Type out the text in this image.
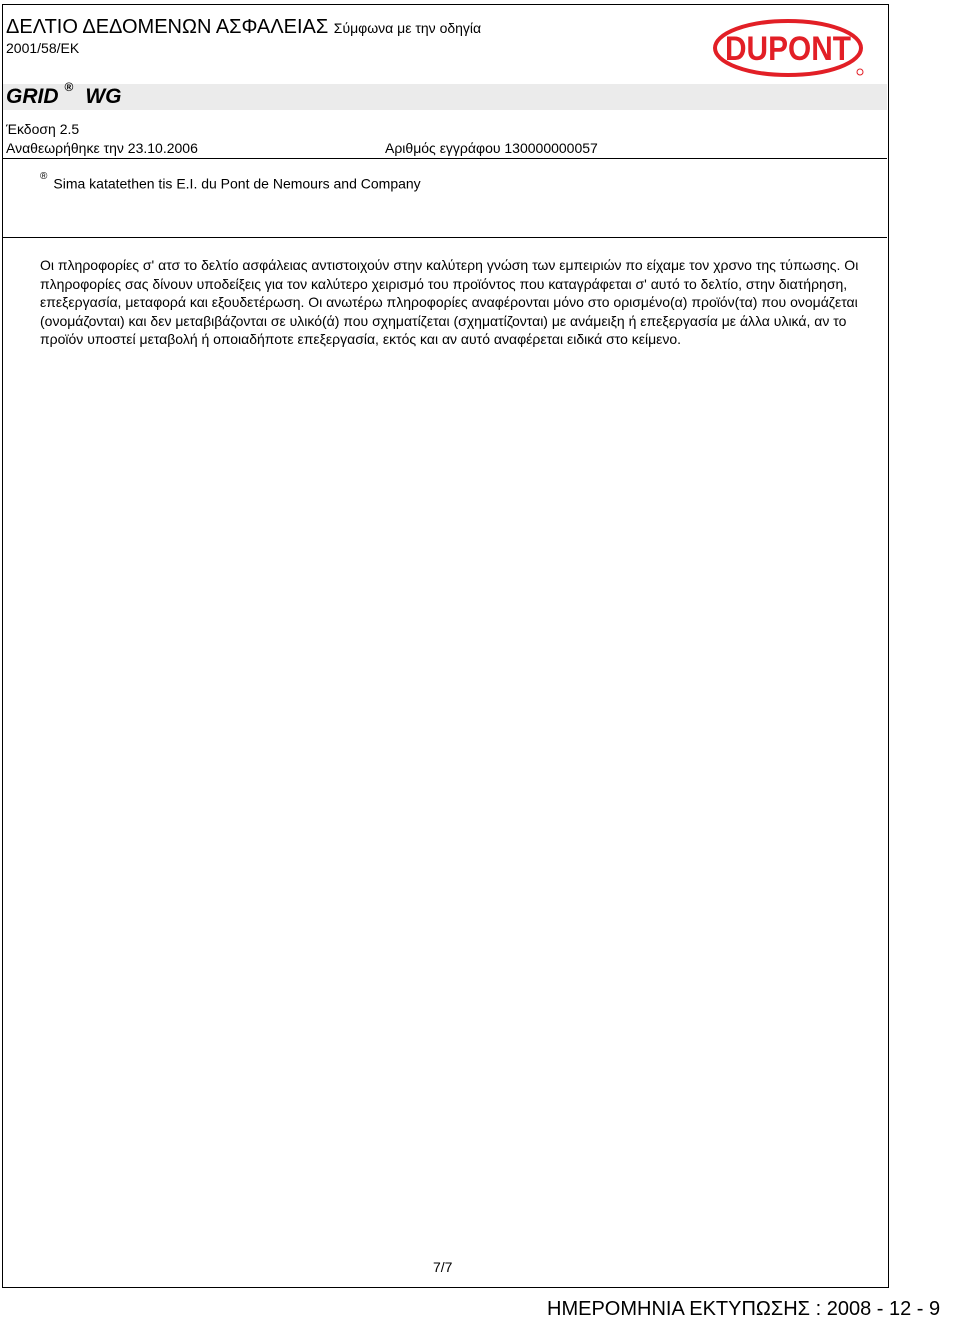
ΔΕΛΤΙΟ ΔΕΔΟΜΕΝΩΝ ΑΣΦΑΛΕΙΑΣ Σύμφωνα με την οδηγία
2001/58/ΕΚ	DUPONT
GRID ® WG
Έκδοση 2.5
Αναθεωρήθηκε την 23.10.2006	Αριθμός εγγράφου 130000000057
® Sima katatethen tis E.I. du Pont de Nemours and Company
Οι πληροφορίες σ' ατσ το δελτίο ασφάλειας αντιστοιχούν στην καλύτερη γνώση των εμπειριών πο είχαμε τον χρσνο της τύπωσης. Οι πληροφορίες σας δίνουν υποδείξεις για τον καλύτερο χειρισμό του προϊόντος που καταγράφεται σ' αυτό το δελτίο, στην διατήρηση, επεξεργασία, μεταφορά και εξουδετέρωση. Οι ανωτέρω πληροφορίες αναφέρονται μόνο στο ορισμένο(α) προϊόν(τα) που ονομάζεται (ονομάζονται) και δεν μεταβιβάζονται σε υλικό(ά) που σχηματίζεται (σχηματίζονται) με ανάμειξη ή επεξεργασία με άλλα υλικά, αν το προϊόν υποστεί μεταβολή ή οποιαδήποτε επεξεργασία, εκτός και αν αυτό αναφέρεται ειδικά στο κείμενο.
7/7
ΗΜΕΡΟΜΗΝΙΑ ΕΚΤΥΠΩΣΗΣ : 2008 - 12 - 9
